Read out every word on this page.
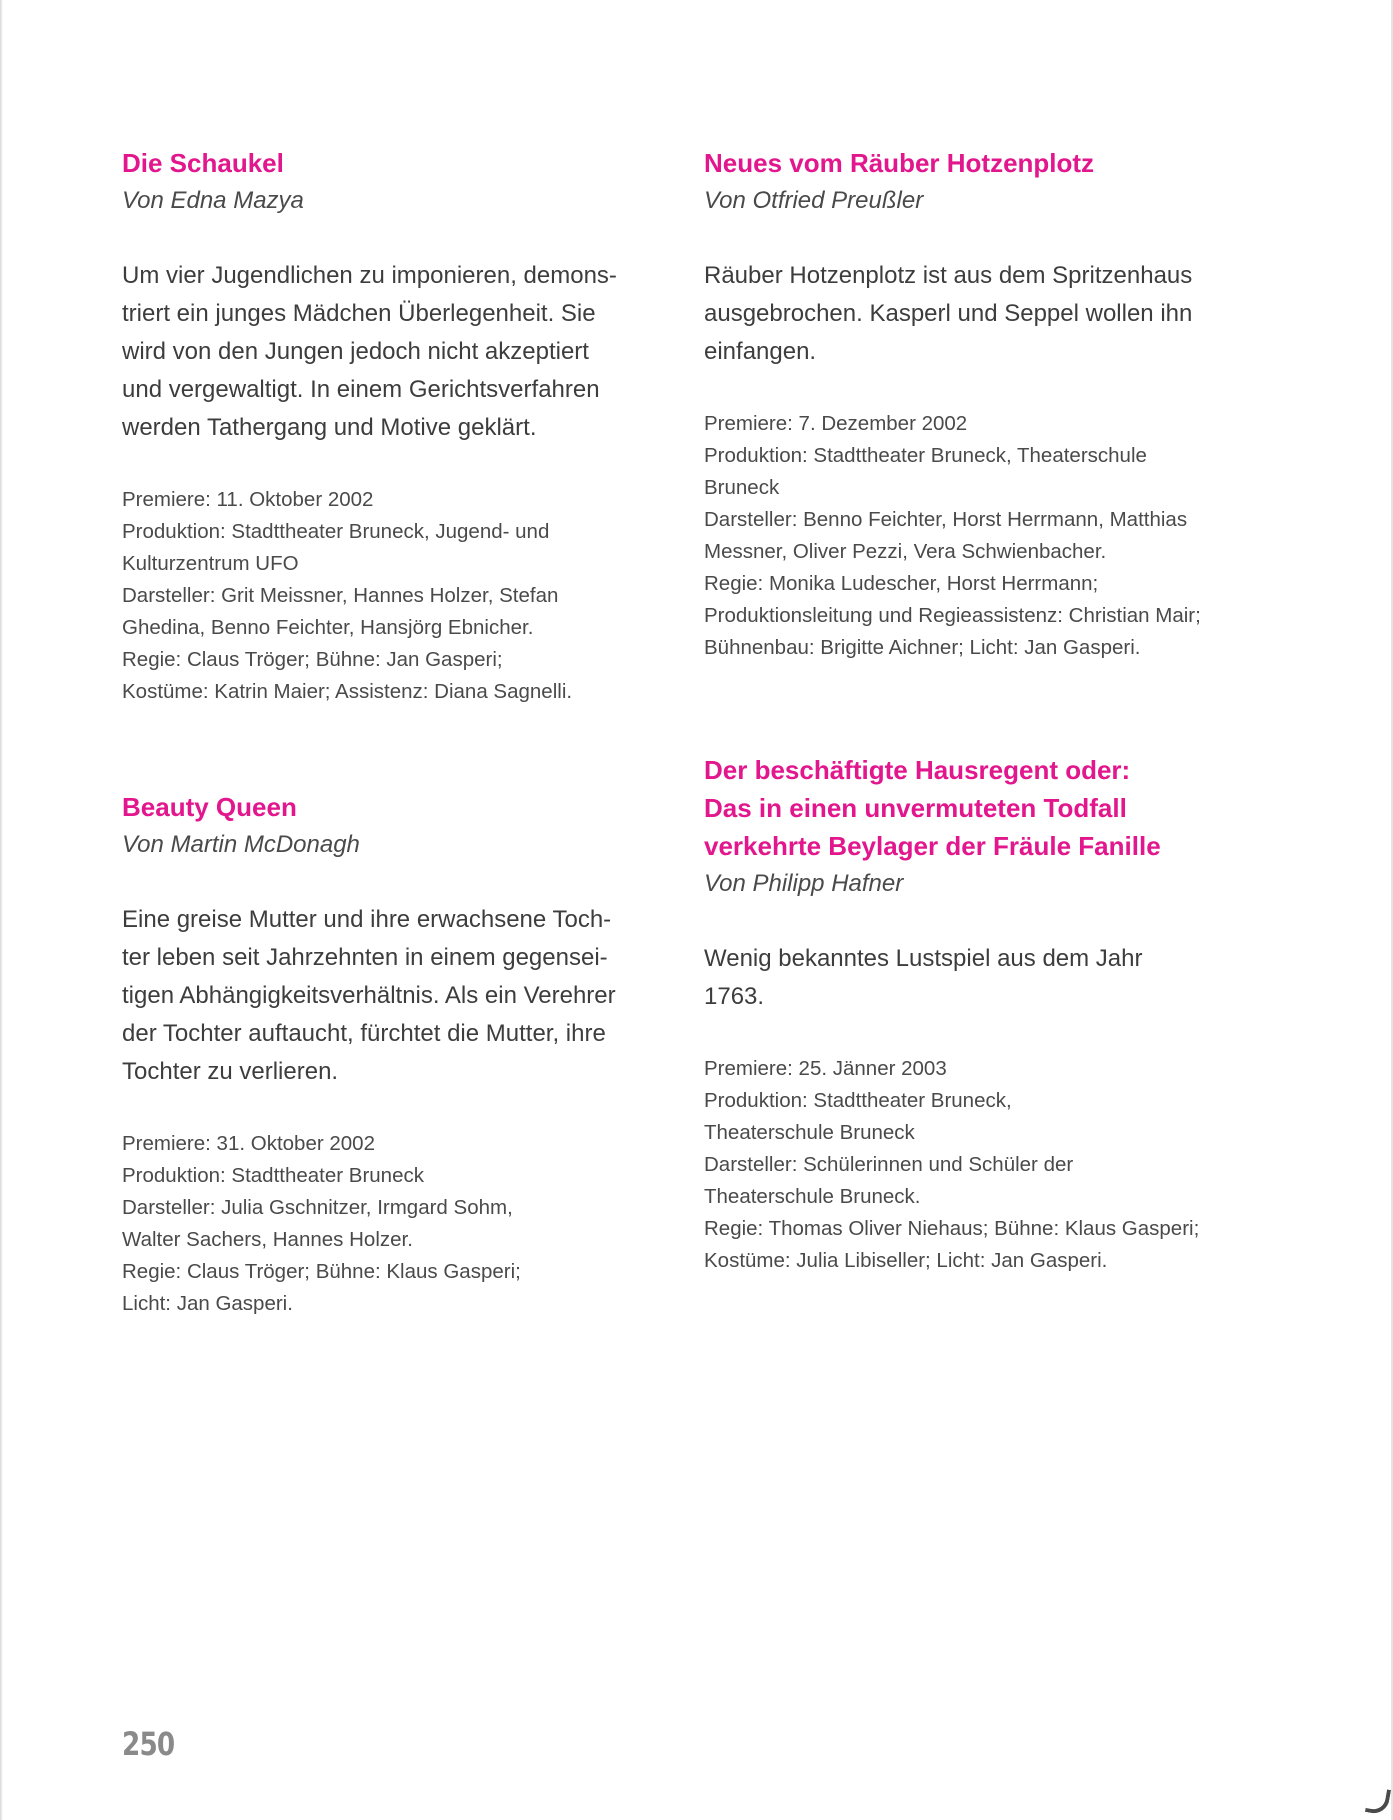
Die Schaukel
Von Edna Mazya
Um vier Jugendlichen zu imponieren, demons-
triert ein junges Mädchen Überlegenheit. Sie
wird von den Jungen jedoch nicht akzeptiert
und vergewaltigt. In einem Gerichtsverfahren
werden Tathergang und Motive geklärt.
Premiere: 11. Oktober 2002
Produktion: Stadttheater Bruneck, Jugend- und
Kulturzentrum UFO
Darsteller: Grit Meissner, Hannes Holzer, Stefan
Ghedina, Benno Feichter, Hansjörg Ebnicher.
Regie: Claus Tröger; Bühne: Jan Gasperi;
Kostüme: Katrin Maier; Assistenz: Diana Sagnelli.
Beauty Queen
Von Martin McDonagh
Eine greise Mutter und ihre erwachsene Toch-
ter leben seit Jahrzehnten in einem gegensei-
tigen Abhängigkeitsverhältnis. Als ein Verehrer
der Tochter auftaucht, fürchtet die Mutter, ihre
Tochter zu verlieren.
Premiere: 31. Oktober 2002
Produktion: Stadttheater Bruneck
Darsteller: Julia Gschnitzer, Irmgard Sohm,
Walter Sachers, Hannes Holzer.
Regie: Claus Tröger; Bühne: Klaus Gasperi;
Licht: Jan Gasperi.
Neues vom Räuber Hotzenplotz
Von Otfried Preußler
Räuber Hotzenplotz ist aus dem Spritzenhaus
ausgebrochen. Kasperl und Seppel wollen ihn
einfangen.
Premiere: 7. Dezember 2002
Produktion: Stadttheater Bruneck, Theaterschule
Bruneck
Darsteller: Benno Feichter, Horst Herrmann, Matthias
Messner, Oliver Pezzi, Vera Schwienbacher.
Regie: Monika Ludescher, Horst Herrmann;
Produktionsleitung und Regieassistenz: Christian Mair;
Bühnenbau: Brigitte Aichner; Licht: Jan Gasperi.
Der beschäftigte Hausregent oder:
Das in einen unvermuteten Todfall
verkehrte Beylager der Fräule Fanille
Von Philipp Hafner
Wenig bekanntes Lustspiel aus dem Jahr
1763.
Premiere: 25. Jänner 2003
Produktion: Stadttheater Bruneck,
Theaterschule Bruneck
Darsteller: Schülerinnen und Schüler der
Theaterschule Bruneck.
Regie: Thomas Oliver Niehaus; Bühne: Klaus Gasperi;
Kostüme: Julia Libiseller; Licht: Jan Gasperi.
250
